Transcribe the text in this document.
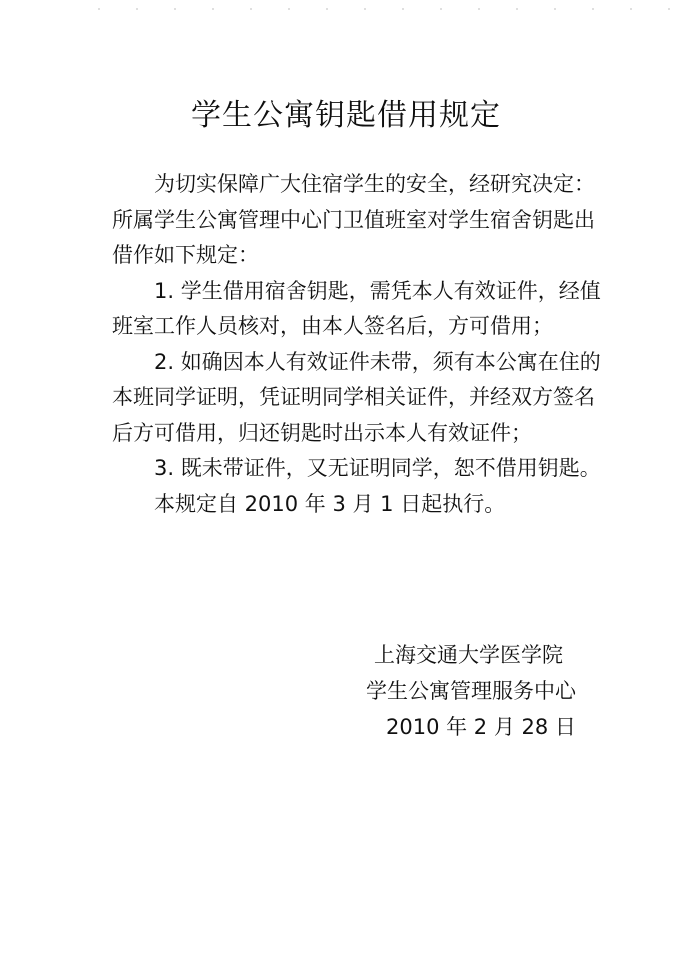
学生公寓钥匙借用规定

为切实保障广大住宿学生的安全，经研究决定：所属学生公寓管理中心门卫值班室对学生宿舍钥匙出借作如下规定：

1. 学生借用宿舍钥匙，需凭本人有效证件，经值班室工作人员核对，由本人签名后，方可借用；

2. 如确因本人有效证件未带，须有本公寓在住的本班同学证明，凭证明同学相关证件，并经双方签名后方可借用，归还钥匙时出示本人有效证件；

3. 既未带证件，又无证明同学，恕不借用钥匙。

本规定自 2010 年 3 月 1 日起执行。

上海交通大学医学院
学生公寓管理服务中心
2010 年 2 月 28 日
